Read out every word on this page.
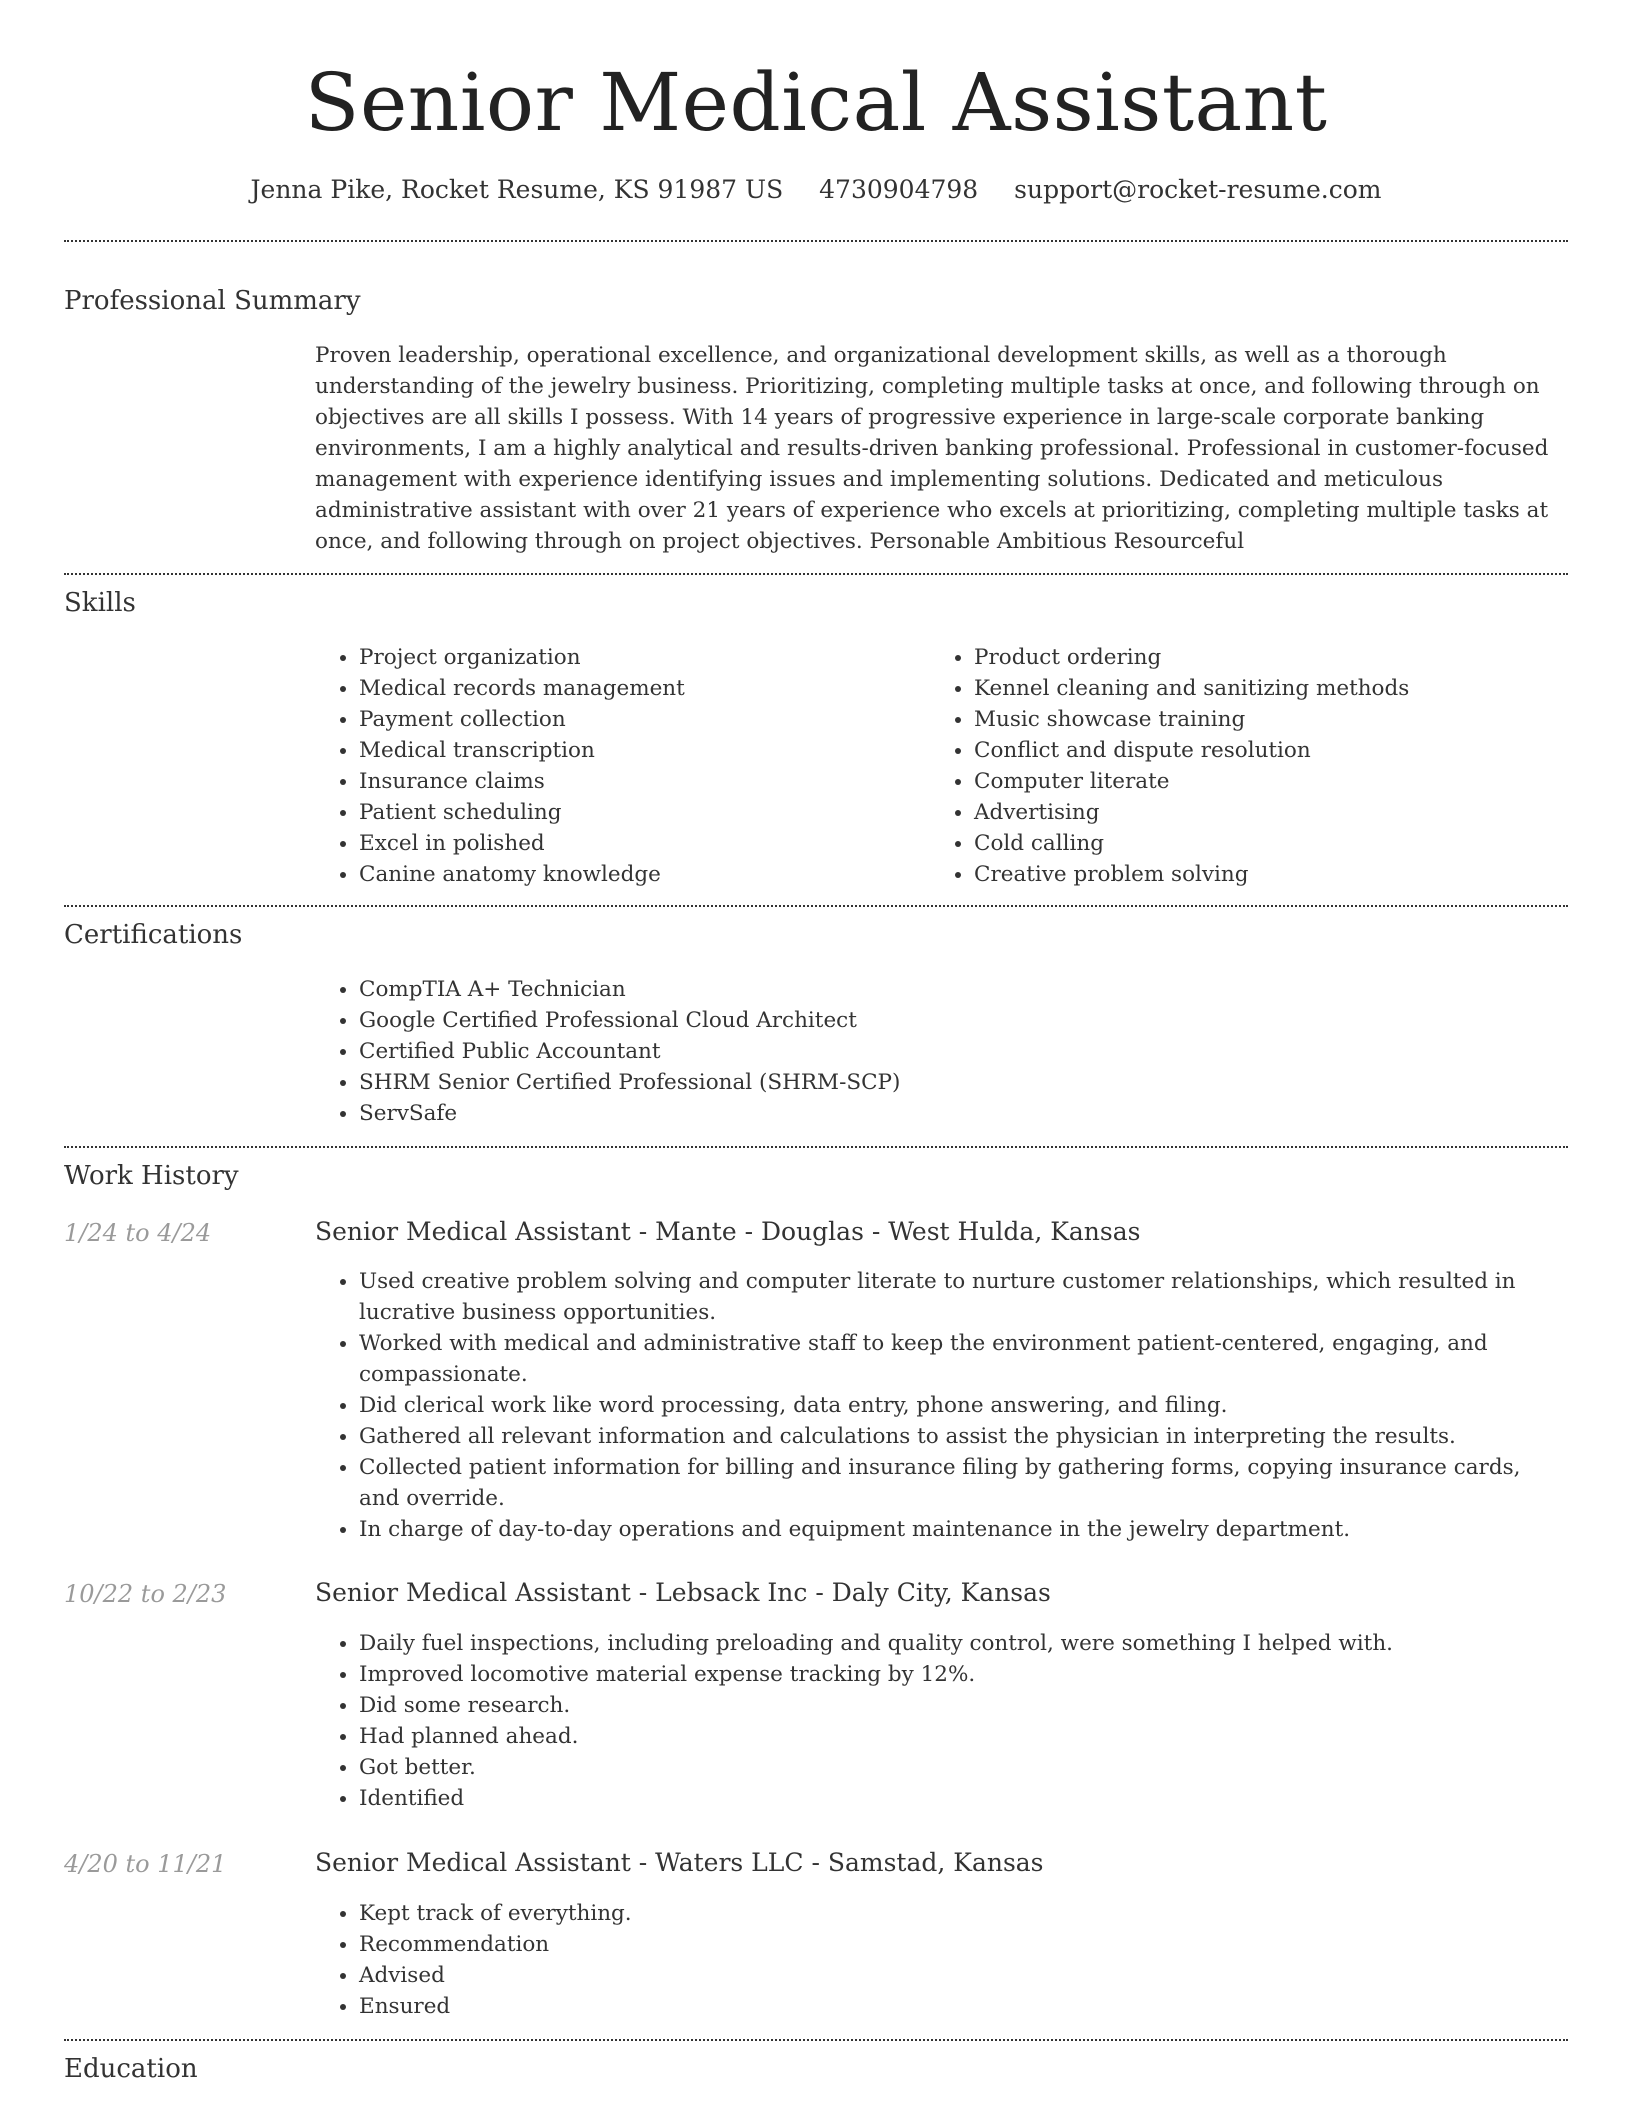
Senior Medical Assistant
Jenna Pike, Rocket Resume, KS 91987 US 4730904798 support@rocket-resume.com
Professional Summary

Proven leadership, operational excellence, and organizational development skills, as well as a thorough understanding of the jewelry business. Prioritizing, completing multiple tasks at once, and following through on objectives are all skills I possess. With 14 years of progressive experience in large-scale corporate banking environments, I am a highly analytical and results-driven banking professional. Professional in customer-focused management with experience identifying issues and implementing solutions. Dedicated and meticulous administrative assistant with over 21 years of experience who excels at prioritizing, completing multiple tasks at once, and following through on project objectives. Personable Ambitious Resourceful

Skills
• Project organization
• Medical records management
• Payment collection
• Medical transcription
• Insurance claims
• Patient scheduling
• Excel in polished
• Canine anatomy knowledge
• Product ordering
• Kennel cleaning and sanitizing methods
• Music showcase training
• Conflict and dispute resolution
• Computer literate
• Advertising
• Cold calling
• Creative problem solving
Certifications
• CompTIA A+ Technician
• Google Certified Professional Cloud Architect
• Certified Public Accountant
• SHRM Senior Certified Professional (SHRM-SCP)
• ServSafe
Work History
1/24 to 4/24	Senior Medical Assistant - Mante - Douglas - West Hulda, Kansas
• Used creative problem solving and computer literate to nurture customer relationships, which resulted in lucrative business opportunities.
• Worked with medical and administrative staff to keep the environment patient-centered, engaging, and compassionate.
• Did clerical work like word processing, data entry, phone answering, and filing.
• Gathered all relevant information and calculations to assist the physician in interpreting the results.
• Collected patient information for billing and insurance filing by gathering forms, copying insurance cards, and override.
• In charge of day-to-day operations and equipment maintenance in the jewelry department.
10/22 to 2/23	Senior Medical Assistant - Lebsack Inc - Daly City, Kansas
• Daily fuel inspections, including preloading and quality control, were something I helped with.
• Improved locomotive material expense tracking by 12%.
• Did some research.
• Had planned ahead.
• Got better.
• Identified
4/20 to 11/21	Senior Medical Assistant - Waters LLC - Samstad, Kansas
• Kept track of everything.
• Recommendation
• Advised
• Ensured
Education
